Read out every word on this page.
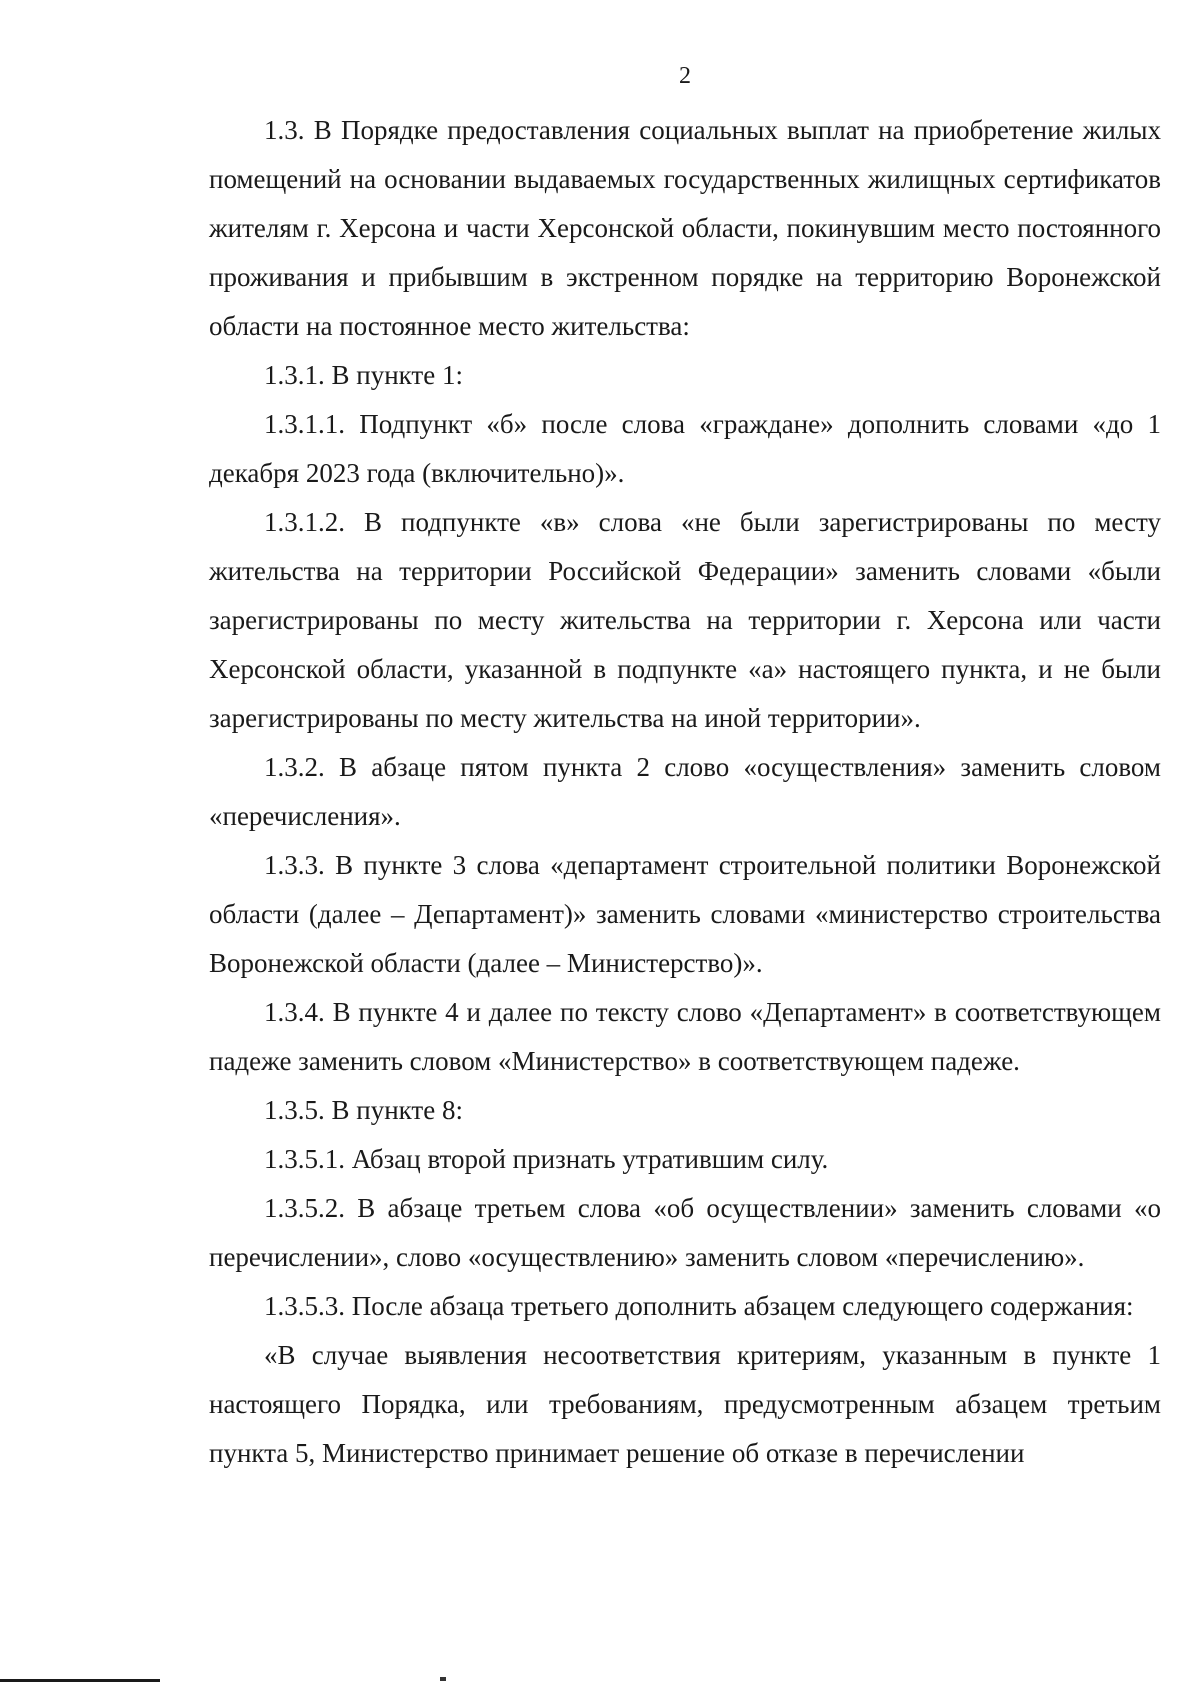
2

1.3. В Порядке предоставления социальных выплат на приобретение жилых помещений на основании выдаваемых государственных жилищных сертификатов жителям г. Херсона и части Херсонской области, покинувшим место постоянного проживания и прибывшим в экстренном порядке на территорию Воронежской области на постоянное место жительства:

1.3.1. В пункте 1:

1.3.1.1. Подпункт «б» после слова «граждане» дополнить словами «до 1 декабря 2023 года (включительно)».

1.3.1.2. В подпункте «в» слова «не были зарегистрированы по месту жительства на территории Российской Федерации» заменить словами «были зарегистрированы по месту жительства на территории г. Херсона или части Херсонской области, указанной в подпункте «а» настоящего пункта, и не были зарегистрированы по месту жительства на иной территории».

1.3.2. В абзаце пятом пункта 2 слово «осуществления» заменить словом «перечисления».

1.3.3. В пункте 3 слова «департамент строительной политики Воронежской области (далее – Департамент)» заменить словами «министерство строительства Воронежской области (далее – Министерство)».

1.3.4. В пункте 4 и далее по тексту слово «Департамент» в соответствующем падеже заменить словом «Министерство» в соответствующем падеже.

1.3.5. В пункте 8:

1.3.5.1. Абзац второй признать утратившим силу.

1.3.5.2. В абзаце третьем слова «об осуществлении» заменить словами «о перечислении», слово «осуществлению» заменить словом «перечислению».

1.3.5.3. После абзаца третьего дополнить абзацем следующего содержания:

«В случае выявления несоответствия критериям, указанным в пункте 1 настоящего Порядка, или требованиям, предусмотренным абзацем третьим пункта 5, Министерство принимает решение об отказе в перечислении
